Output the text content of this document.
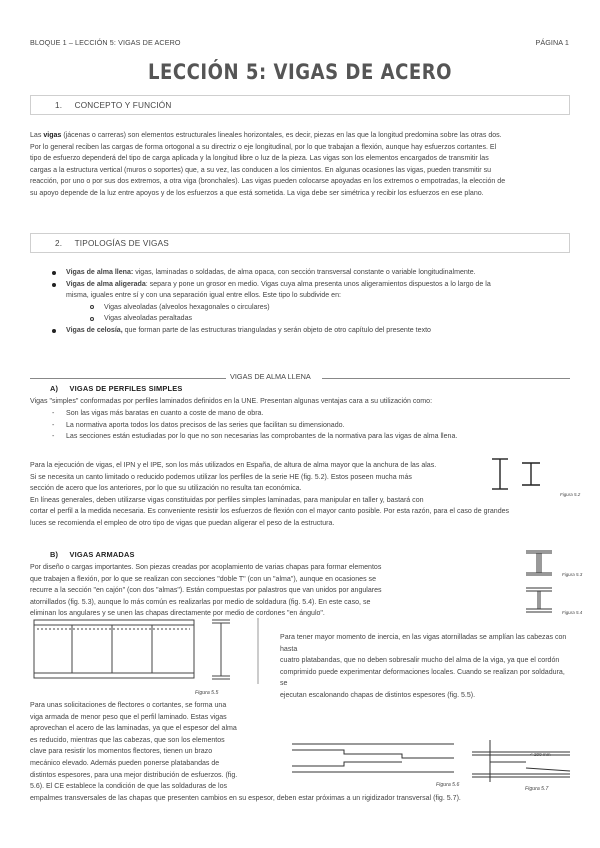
BLOQUE 1 – LECCIÓN 5: VIGAS DE ACERO	PÁGINA 1
LECCIÓN 5: VIGAS DE ACERO
1. CONCEPTO Y FUNCIÓN
Las vigas (jácenas o carreras) son elementos estructurales lineales horizontales, es decir, piezas en las que la longitud predomina sobre las otras dos.
Por lo general reciben las cargas de forma ortogonal a su directriz o eje longitudinal, por lo que trabajan a flexión, aunque hay esfuerzos cortantes. El
tipo de esfuerzo dependerá del tipo de carga aplicada y la longitud libre o luz de la pieza. Las vigas son los elementos encargados de transmitir las
cargas a la estructura vertical (muros o soportes) que, a su vez, las conducen a los cimientos. En algunas ocasiones las vigas, pueden transmitir su
reacción, por uno o por sus dos extremos, a otra viga (bronchales). Las vigas pueden colocarse apoyadas en los extremos o empotradas, la elección de
su apoyo depende de la luz entre apoyos y de los esfuerzos a que está sometida. La viga debe ser simétrica y recibir los esfuerzos en ese plano.
2. TIPOLOGÍAS DE VIGAS
Vigas de alma llena: vigas, laminadas o soldadas, de alma opaca, con sección transversal constante o variable longitudinalmente.
Vigas de alma aligerada: separa y pone un grosor en medio. Vigas cuya alma presenta unos aligeramientos dispuestos a lo largo de la
misma, iguales entre sí y con una separación igual entre ellos. Este tipo lo subdivide en:
Vigas alveoladas (alveolos hexagonales o circulares)
Vigas alveoladas peraltadas
Vigas de celosía, que forman parte de las estructuras trianguladas y serán objeto de otro capítulo del presente texto
VIGAS DE ALMA LLENA
A) VIGAS DE PERFILES SIMPLES
Vigas "simples" conformadas por perfiles laminados definidos en la UNE. Presentan algunas ventajas cara a su utilización como:
- Son las vigas más baratas en cuanto a coste de mano de obra.
- La normativa aporta todos los datos precisos de las series que facilitan su dimensionado.
- Las secciones están estudiadas por lo que no son necesarias las comprobantes de la normativa para las vigas de alma llena.
Para la ejecución de vigas, el IPN y el IPE, son los más utilizados en España, de altura de alma mayor que la anchura de las alas.
Si se necesita un canto limitado o reducido podemos utilizar los perfiles de la serie HE (fig. 5.2). Estos poseen mucha más
sección de acero que los anteriores, por lo que su utilización no resulta tan económica.
En líneas generales, deben utilizarse vigas constituidas por perfiles simples laminadas, para manipular en taller y, bastará con
cortar el perfil a la medida necesaria. Es conveniente resistir los esfuerzos de flexión con el mayor canto posible. Por esta razón, para el caso de grandes
luces se recomienda el empleo de otro tipo de vigas que puedan aligerar el peso de la estructura.
Figura 5.2
B) VIGAS ARMADAS
Por diseño o cargas importantes. Son piezas creadas por acoplamiento de varias chapas para formar elementos
que trabajen a flexión, por lo que se realizan con secciones "doble T" (con un "alma"), aunque en ocasiones se
recurre a la sección "en cajón" (con dos "almas"). Están compuestas por palastros que van unidos por angulares
atornillados (fig. 5.3), aunque lo más común es realizarlas por medio de soldadura (fig. 5.4). En este caso, se
eliminan los angulares y se unen las chapas directamente por medio de cordones "en ángulo".
Figura 5.3
Figura 5.4
Figura 5.5
Para tener mayor momento de inercia, en las vigas atornilladas se amplían las cabezas con hasta
cuatro platabandas, que no deben sobresalir mucho del alma de la viga, ya que el cordón
comprimido puede experimentar deformaciones locales. Cuando se realizan por soldadura, se
ejecutan escalonando chapas de distintos espesores (fig. 5.5).
Para unas solicitaciones de flectores o cortantes, se forma una
viga armada de menor peso que el perfil laminado. Estas vigas
aprovechan el acero de las laminadas, ya que el espesor del alma
es reducido, mientras que las cabezas, que son los elementos
clave para resistir los momentos flectores, tienen un brazo
mecánico elevado. Además pueden ponerse platabandas de
distintos espesores, para una mejor distribución de esfuerzos. (fig.
5.6). El CE establece la condición de que las soldaduras de los
empalmes transversales de las chapas que presenten cambios en su espesor, deben estar próximas a un rigidizador transversal (fig. 5.7).
Figura 5.6
< 200 mm
Figura 5.7
